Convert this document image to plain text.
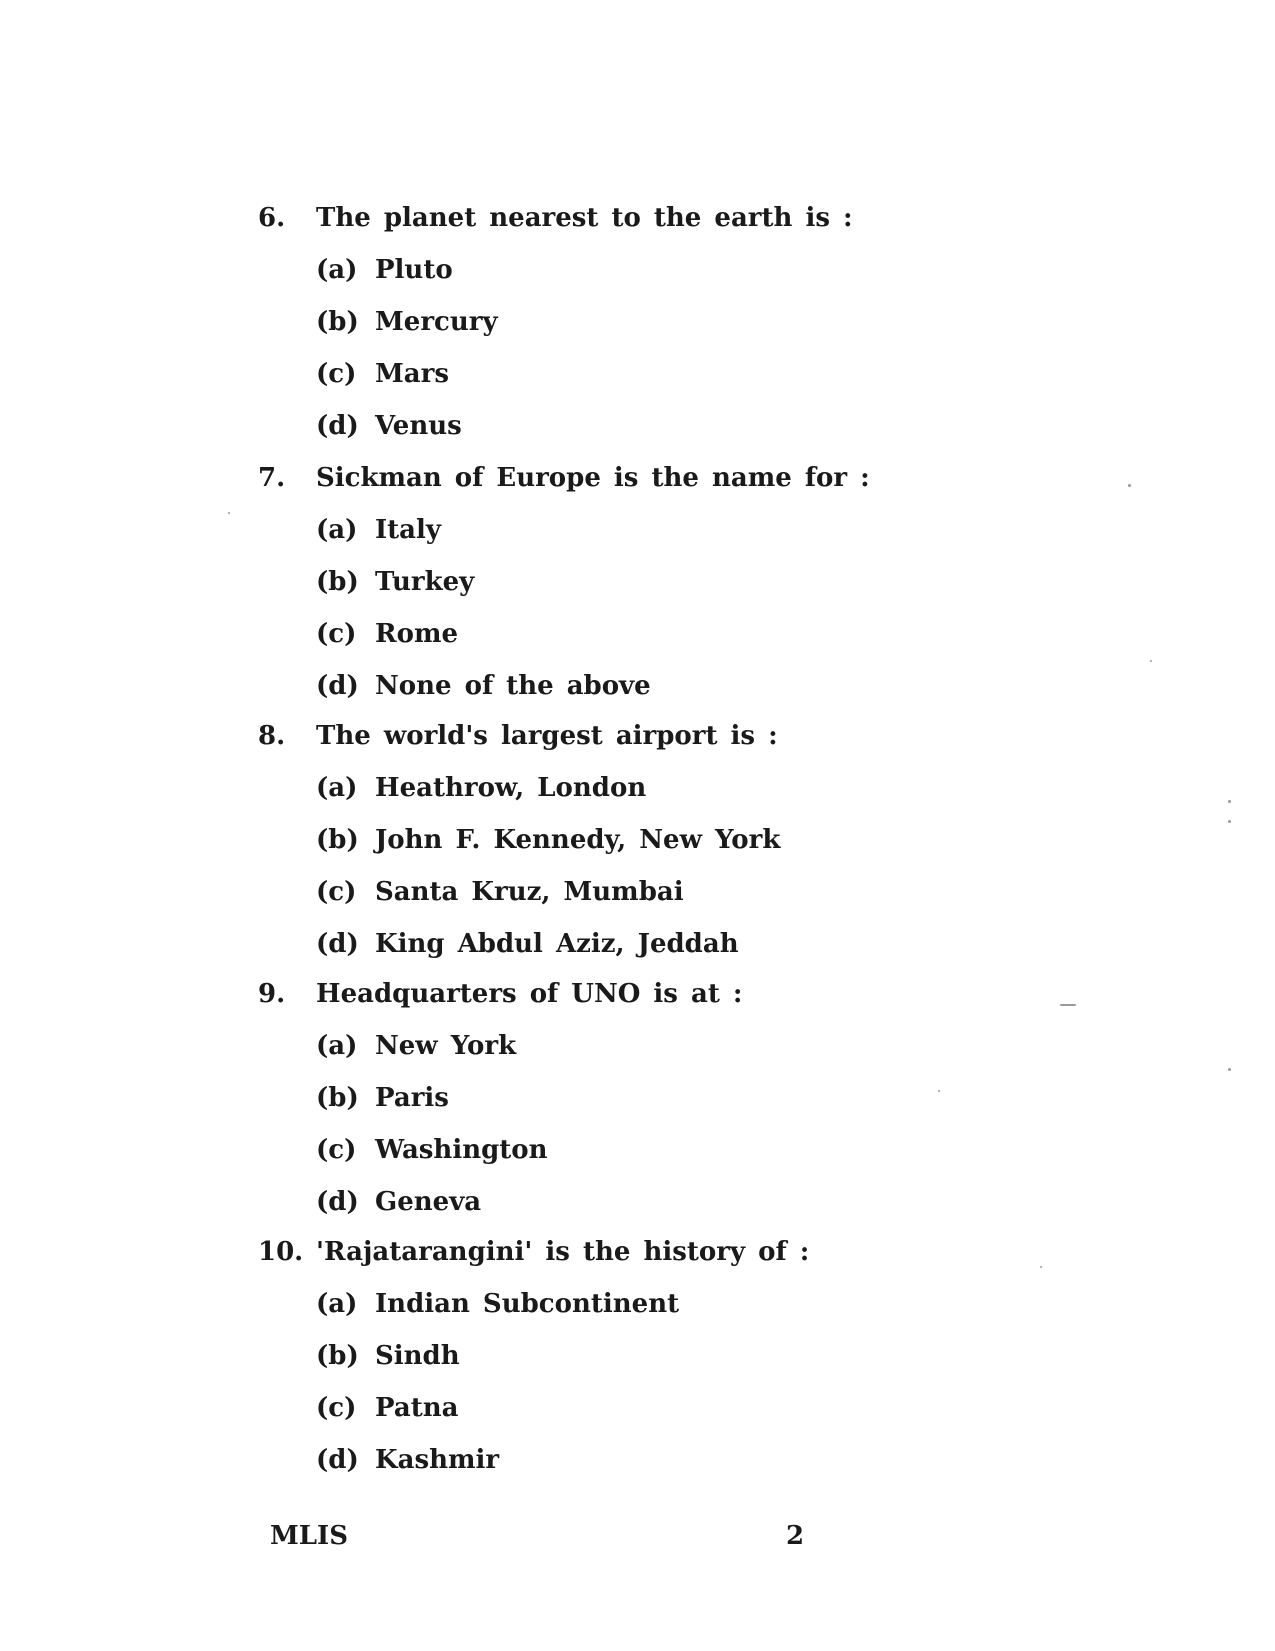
6. The planet nearest to the earth is :
(a) Pluto
(b) Mercury
(c) Mars
(d) Venus
7. Sickman of Europe is the name for :
(a) Italy
(b) Turkey
(c) Rome
(d) None of the above
8. The world's largest airport is :
(a) Heathrow, London
(b) John F. Kennedy, New York
(c) Santa Kruz, Mumbai
(d) King Abdul Aziz, Jeddah
9. Headquarters of UNO is at :
(a) New York
(b) Paris
(c) Washington
(d) Geneva
10. 'Rajatarangini' is the history of :
(a) Indian Subcontinent
(b) Sindh
(c) Patna
(d) Kashmir
MLIS	2
